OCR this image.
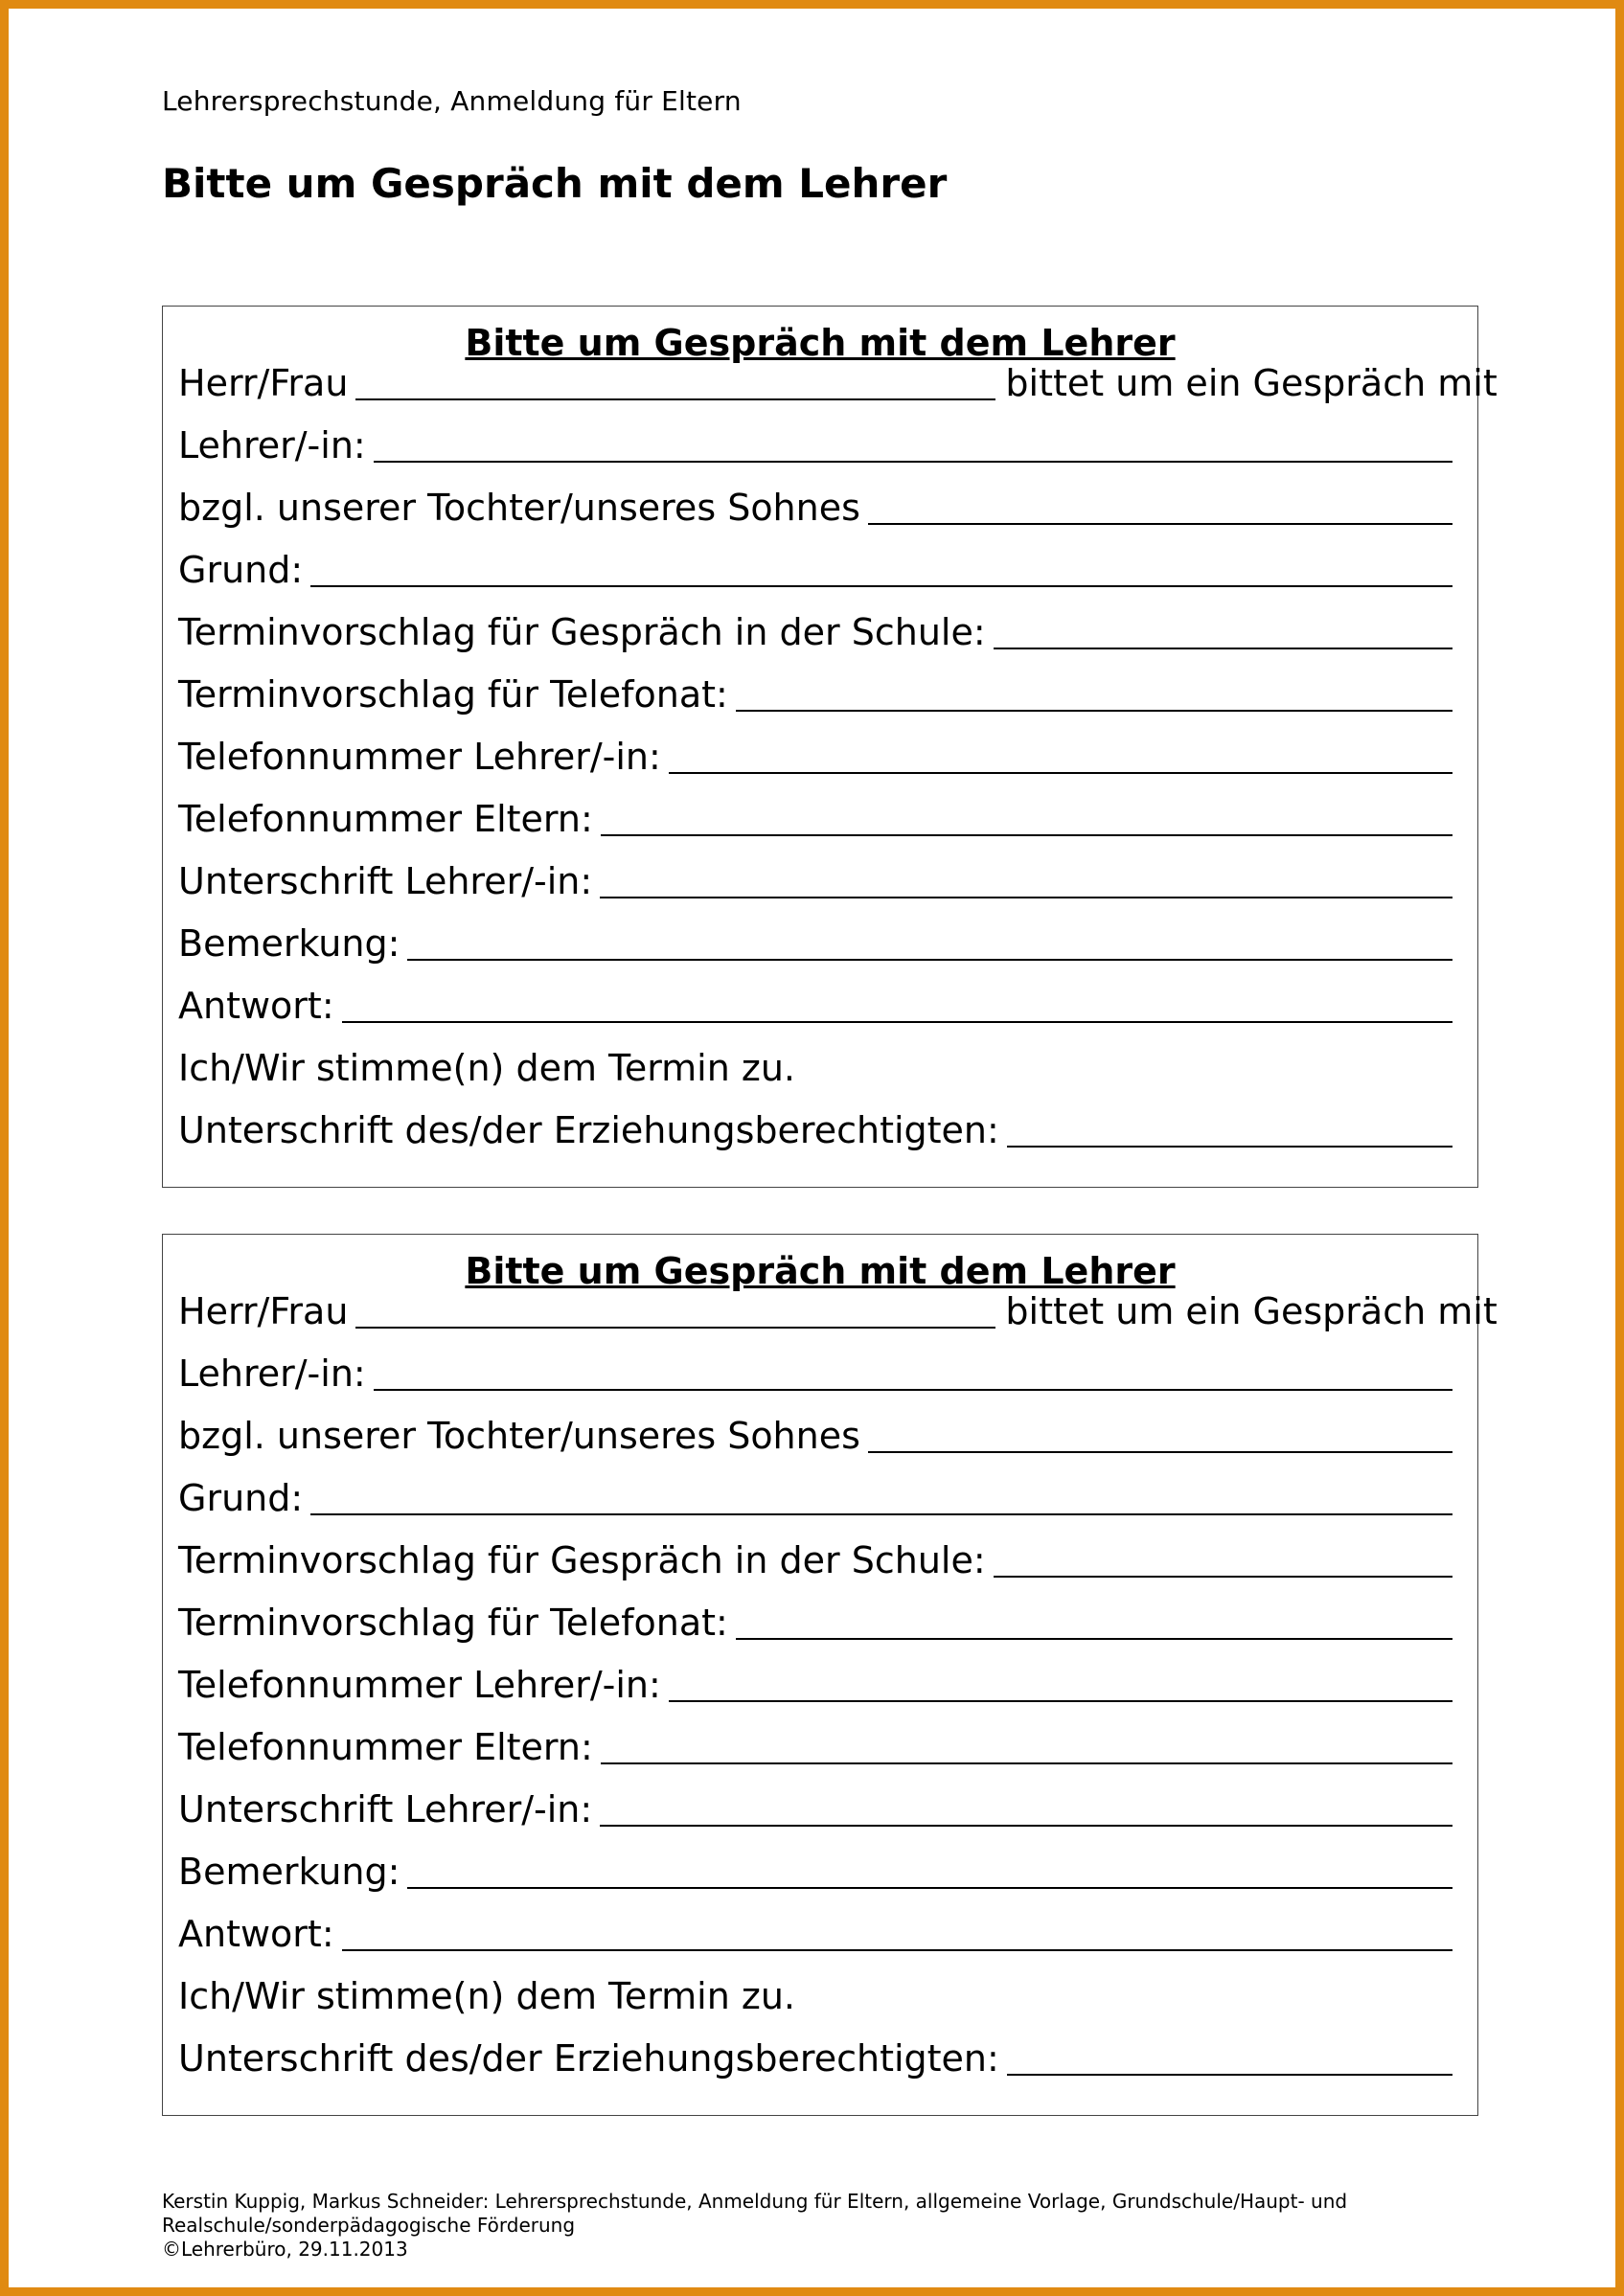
Lehrersprechstunde, Anmeldung für Eltern
Bitte um Gespräch mit dem Lehrer
Bitte um Gespräch mit dem Lehrer
Herr/Frau	bittet um ein Gespräch mit
Lehrer/-in:
bzgl. unserer Tochter/unseres Sohnes
Grund:
Terminvorschlag für Gespräch in der Schule:
Terminvorschlag für Telefonat:
Telefonnummer Lehrer/-in:
Telefonnummer Eltern:
Unterschrift Lehrer/-in:
Bemerkung:
Antwort:
Ich/Wir stimme(n) dem Termin zu.
Unterschrift des/der Erziehungsberechtigten:
Bitte um Gespräch mit dem Lehrer
Herr/Frau	bittet um ein Gespräch mit
Lehrer/-in:
bzgl. unserer Tochter/unseres Sohnes
Grund:
Terminvorschlag für Gespräch in der Schule:
Terminvorschlag für Telefonat:
Telefonnummer Lehrer/-in:
Telefonnummer Eltern:
Unterschrift Lehrer/-in:
Bemerkung:
Antwort:
Ich/Wir stimme(n) dem Termin zu.
Unterschrift des/der Erziehungsberechtigten:
Kerstin Kuppig, Markus Schneider: Lehrersprechstunde, Anmeldung für Eltern, allgemeine Vorlage, Grundschule/Haupt- und
Realschule/sonderpädagogische Förderung
©Lehrerbüro, 29.11.2013
